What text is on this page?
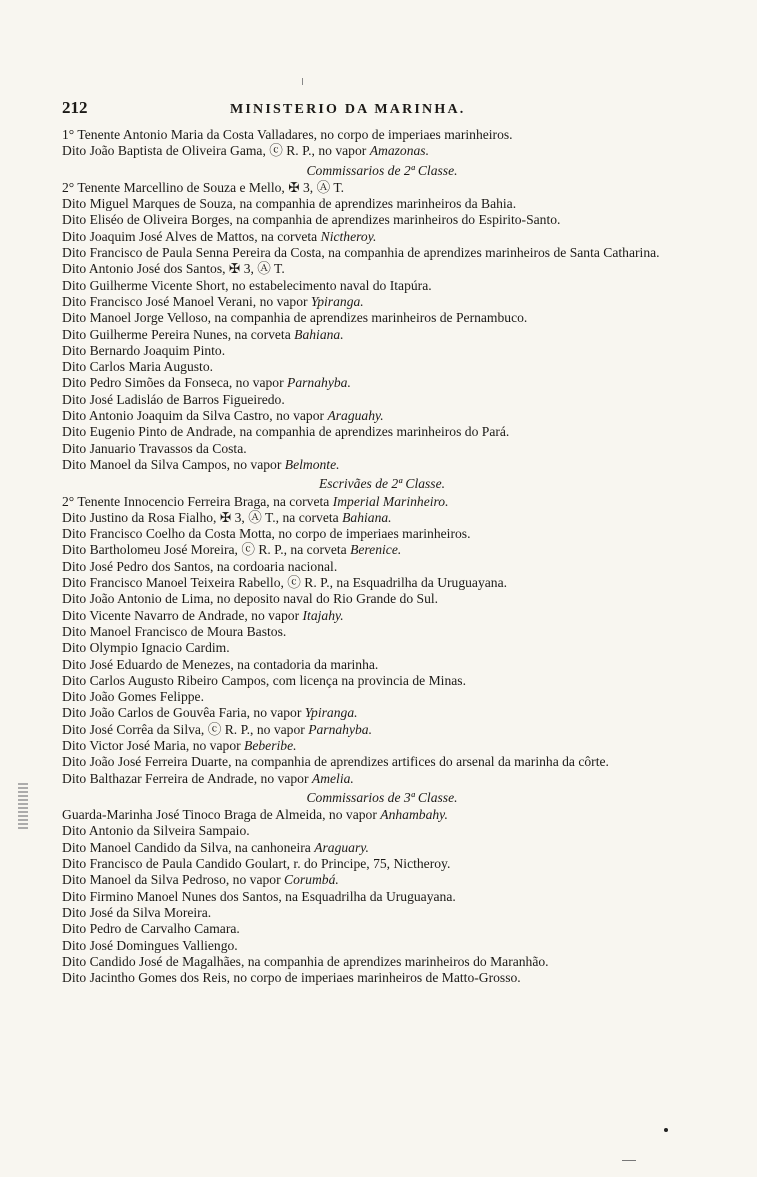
212	MINISTERIO DA MARINHA.
1° Tenente Antonio Maria da Costa Valladares, no corpo de imperiaes marinheiros.
Dito João Baptista de Oliveira Gama, ⓒ R. P., no vapor Amazonas.
Commissarios de 2ª Classe.
2° Tenente Marcellino de Souza e Mello, ✠ 3, Ⓐ T.
Dito Miguel Marques de Souza, na companhia de aprendizes marinheiros da Bahia.
Dito Eliséo de Oliveira Borges, na companhia de aprendizes marinheiros do Espirito-Santo.
Dito Joaquim José Alves de Mattos, na corveta Nictheroy.
Dito Francisco de Paula Senna Pereira da Costa, na companhia de aprendizes marinheiros de Santa Catharina.
Dito Antonio José dos Santos, ✠ 3, Ⓐ T.
Dito Guilherme Vicente Short, no estabelecimento naval do Itapúra.
Dito Francisco José Manoel Verani, no vapor Ypiranga.
Dito Manoel Jorge Velloso, na companhia de aprendizes marinheiros de Pernambuco.
Dito Guilherme Pereira Nunes, na corveta Bahiana.
Dito Bernardo Joaquim Pinto.
Dito Carlos Maria Augusto.
Dito Pedro Simões da Fonseca, no vapor Parnahyba.
Dito José Ladisláo de Barros Figueiredo.
Dito Antonio Joaquim da Silva Castro, no vapor Araguahy.
Dito Eugenio Pinto de Andrade, na companhia de aprendizes marinheiros do Pará.
Dito Januario Travassos da Costa.
Dito Manoel da Silva Campos, no vapor Belmonte.
Escrivães de 2ª Classe.
2° Tenente Innocencio Ferreira Braga, na corveta Imperial Marinheiro.
Dito Justino da Rosa Fialho, ✠ 3, Ⓐ T., na corveta Bahiana.
Dito Francisco Coelho da Costa Motta, no corpo de imperiaes marinheiros.
Dito Bartholomeu José Moreira, ⓒ R. P., na corveta Berenice.
Dito José Pedro dos Santos, na cordoaria nacional.
Dito Francisco Manoel Teixeira Rabello, ⓒ R. P., na Esquadrilha da Uruguayana.
Dito João Antonio de Lima, no deposito naval do Rio Grande do Sul.
Dito Vicente Navarro de Andrade, no vapor Itajahy.
Dito Manoel Francisco de Moura Bastos.
Dito Olympio Ignacio Cardim.
Dito José Eduardo de Menezes, na contadoria da marinha.
Dito Carlos Augusto Ribeiro Campos, com licença na provincia de Minas.
Dito João Gomes Felippe.
Dito João Carlos de Gouvêa Faria, no vapor Ypiranga.
Dito José Corrêa da Silva, ⓒ R. P., no vapor Parnahyba.
Dito Victor José Maria, no vapor Beberibe.
Dito João José Ferreira Duarte, na companhia de aprendizes artifices do arsenal da marinha da côrte.
Dito Balthazar Ferreira de Andrade, no vapor Amelia.
Commissarios de 3ª Classe.
Guarda-Marinha José Tinoco Braga de Almeida, no vapor Anhambahy.
Dito Antonio da Silveira Sampaio.
Dito Manoel Candido da Silva, na canhoneira Araguary.
Dito Francisco de Paula Candido Goulart, r. do Principe, 75, Nictheroy.
Dito Manoel da Silva Pedroso, no vapor Corumbá.
Dito Firmino Manoel Nunes dos Santos, na Esquadrilha da Uruguayana.
Dito José da Silva Moreira.
Dito Pedro de Carvalho Camara.
Dito José Domingues Valliengo.
Dito Candido José de Magalhães, na companhia de aprendizes marinheiros do Maranhão.
Dito Jacintho Gomes dos Reis, no corpo de imperiaes marinheiros de Matto-Grosso.
